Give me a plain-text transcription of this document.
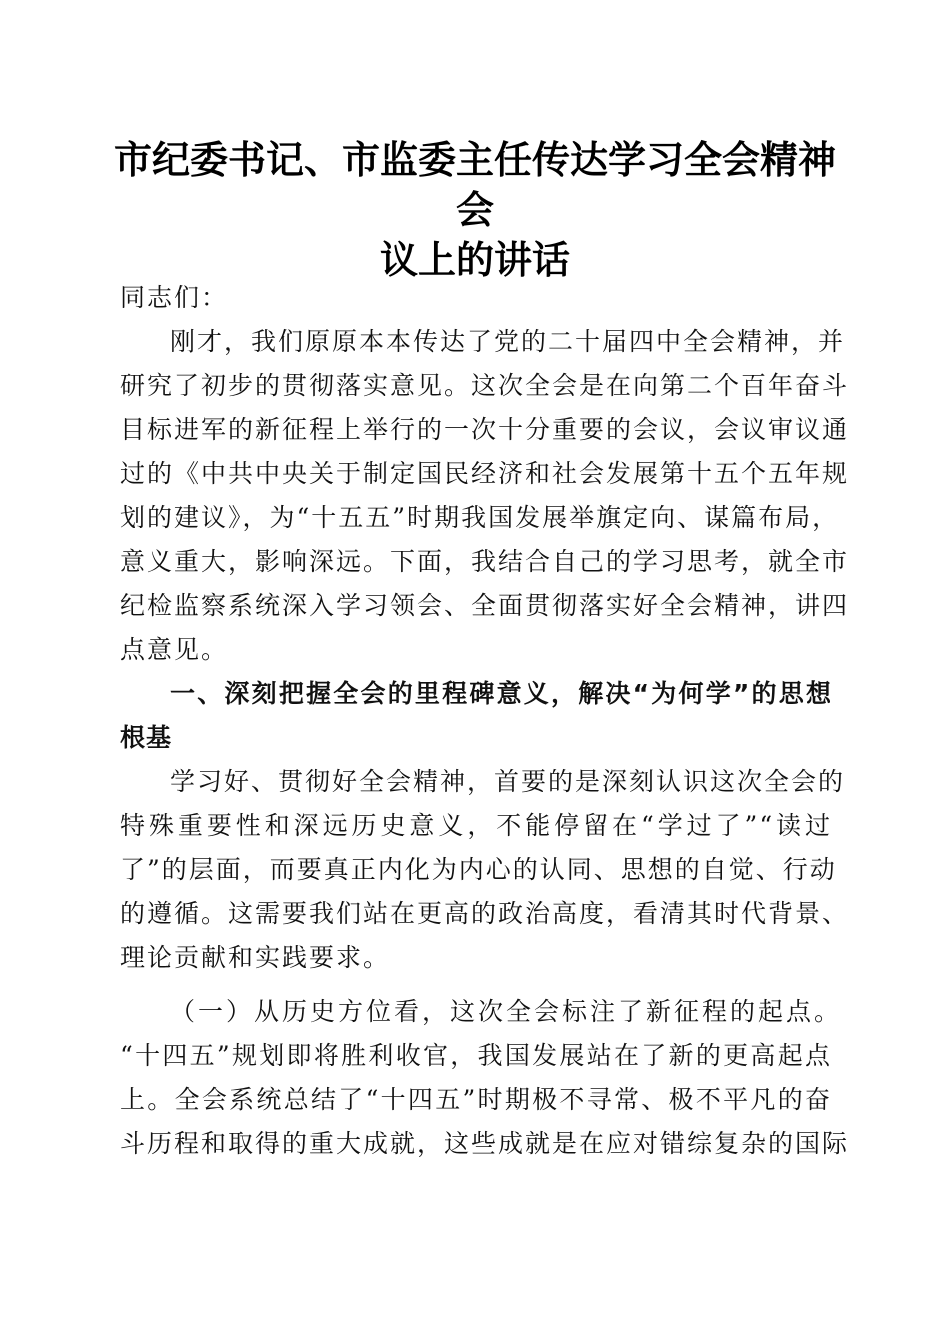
市纪委书记、市监委主任传达学习全会精神会
议上的讲话
同志们：
刚才，我们原原本本传达了党的二十届四中全会精神，并
研究了初步的贯彻落实意见。这次全会是在向第二个百年奋斗
目标进军的新征程上举行的一次十分重要的会议，会议审议通
过的《中共中央关于制定国民经济和社会发展第十五个五年规
划的建议》，为“十五五”时期我国发展举旗定向、谋篇布局，
意义重大，影响深远。下面，我结合自己的学习思考，就全市
纪检监察系统深入学习领会、全面贯彻落实好全会精神，讲四
点意见。
一、深刻把握全会的里程碑意义，解决“为何学”的思想
根基
学习好、贯彻好全会精神，首要的是深刻认识这次全会的
特殊重要性和深远历史意义，不能停留在“学过了”“读过
了”的层面，而要真正内化为内心的认同、思想的自觉、行动
的遵循。这需要我们站在更高的政治高度，看清其时代背景、
理论贡献和实践要求。
（一）从历史方位看，这次全会标注了新征程的起点。
“十四五”规划即将胜利收官，我国发展站在了新的更高起点
上。全会系统总结了“十四五”时期极不寻常、极不平凡的奋
斗历程和取得的重大成就，这些成就是在应对错综复杂的国际
